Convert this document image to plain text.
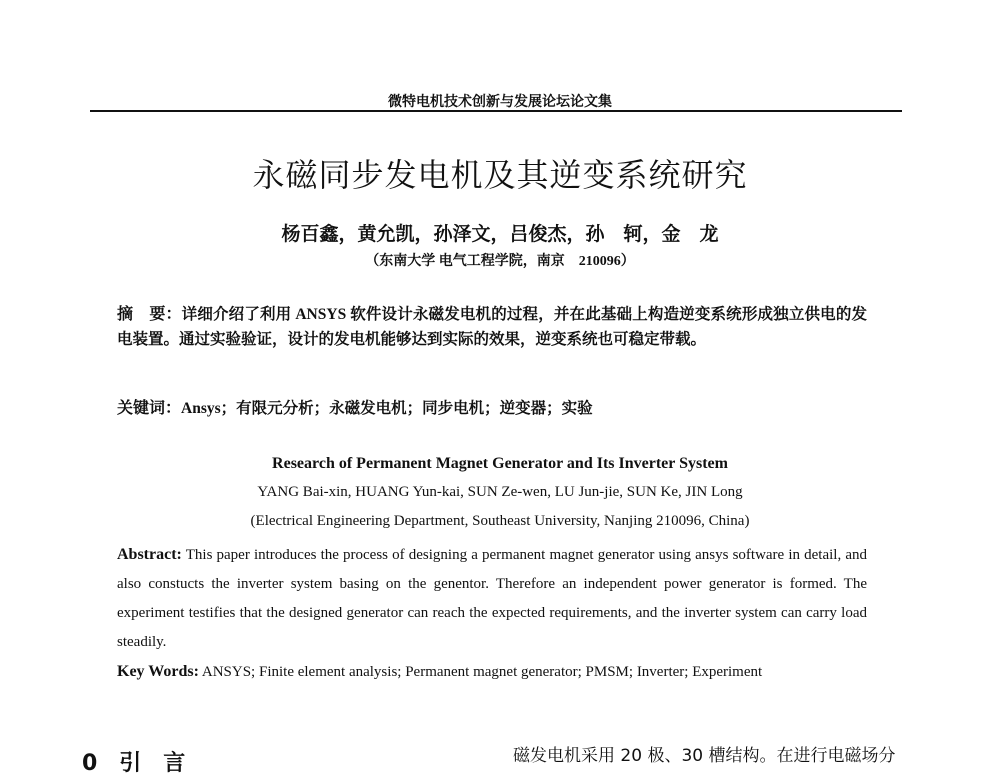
微特电机技术创新与发展论坛论文集
永磁同步发电机及其逆变系统研究
杨百鑫，黄允凯，孙泽文，吕俊杰，孙　轲，金　龙
（东南大学 电气工程学院，南京　210096）
摘　要：详细介绍了利用 ANSYS 软件设计永磁发电机的过程，并在此基础上构造逆变系统形成独立供电的发电装置。通过实验验证，设计的发电机能够达到实际的效果，逆变系统也可稳定带载。
关键词：Ansys；有限元分析；永磁发电机；同步电机；逆变器；实验
Research of Permanent Magnet Generator and Its Inverter System
YANG Bai-xin, HUANG Yun-kai, SUN Ze-wen, LU Jun-jie, SUN Ke, JIN Long
(Electrical Engineering Department, Southeast University, Nanjing 210096, China)
Abstract: This paper introduces the process of designing a permanent magnet generator using ansys software in detail, and also constucts the inverter system basing on the genentor. Therefore an independent power generator is formed. The experiment testifies that the designed generator can reach the expected requirements, and the inverter system can carry load steadily.
Key Words: ANSYS; Finite element analysis; Permanent magnet generator; PMSM; Inverter; Experiment
0　引　言	磁发电机采用 20 极、30 槽结构。在进行电磁场分
